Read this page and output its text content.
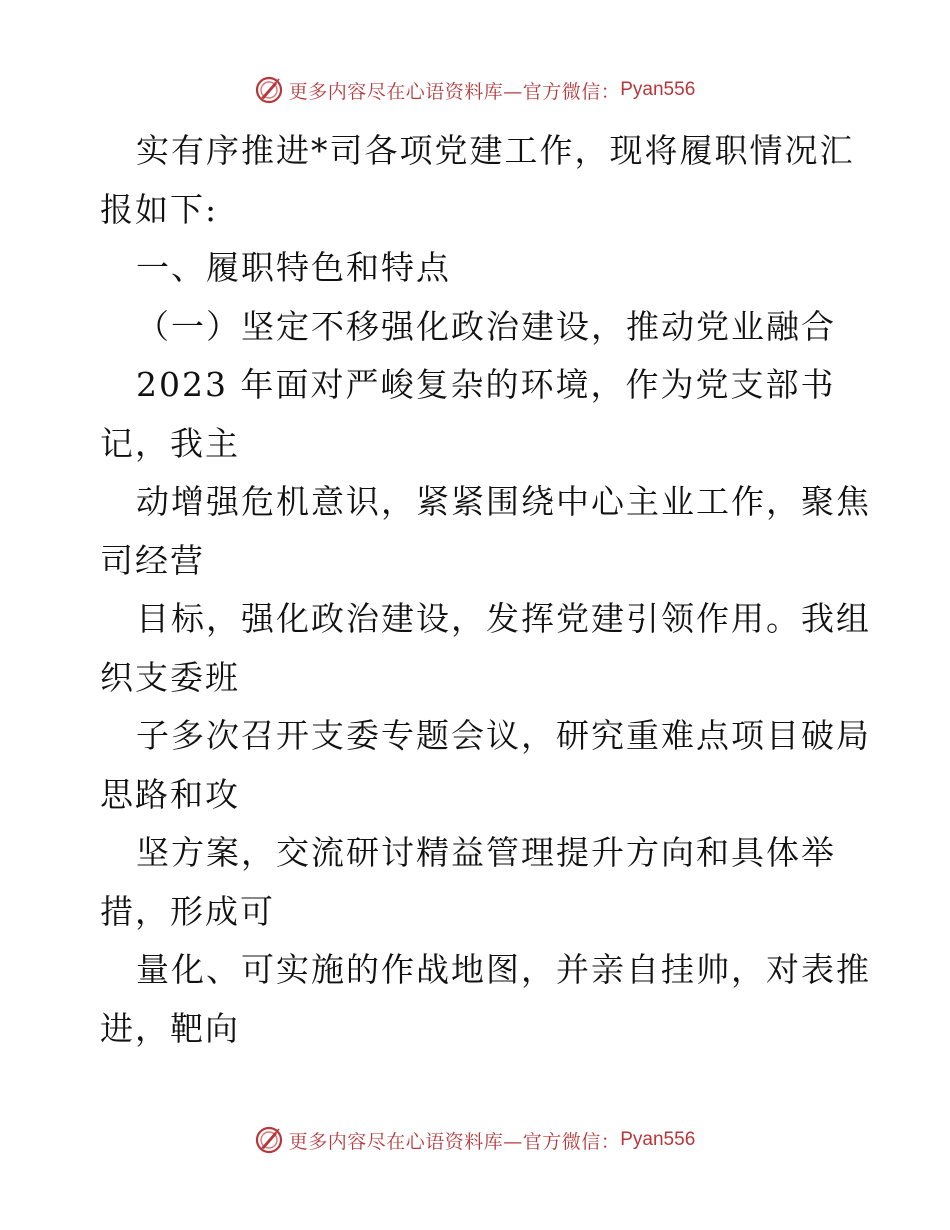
更多内容尽在心语资料库—官方微信： Pyan556
实有序推进*司各项党建工作，现将履职情况汇
报如下:
一、履职特色和特点
（一）坚定不移强化政治建设，推动党业融合
2023 年面对严峻复杂的环境，作为党支部书
记，我主
动增强危机意识，紧紧围绕中心主业工作，聚焦
司经营
目标，强化政治建设，发挥党建引领作用。我组
织支委班
子多次召开支委专题会议，研究重难点项目破局
思路和攻
坚方案，交流研讨精益管理提升方向和具体举
措，形成可
量化、可实施的作战地图，并亲自挂帅，对表推
进，靶向
更多内容尽在心语资料库—官方微信： Pyan556
